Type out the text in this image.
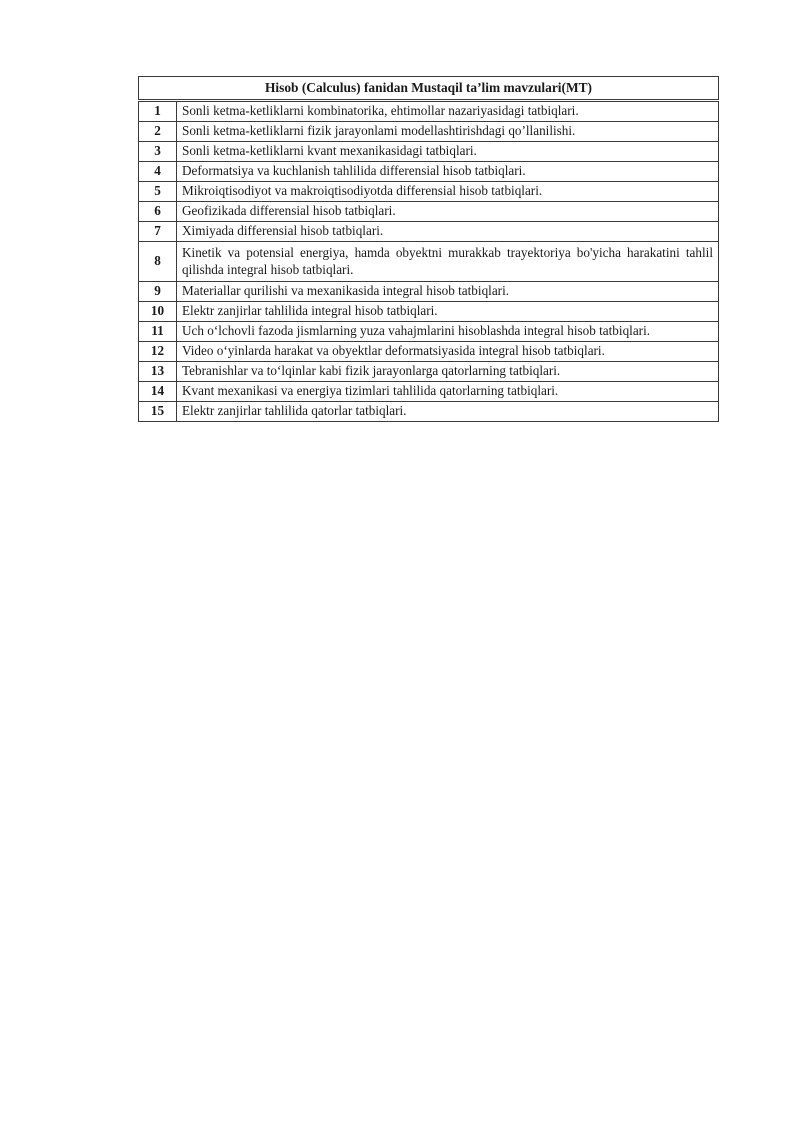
Hisob (Calculus) fanidan Mustaqil ta’lim mavzulari(MT)	
1	Sonli ketma-ketliklarni kombinatorika, ehtimollar nazariyasidagi tatbiqlari.
2	Sonli ketma-ketliklarni fizik jarayonlami modellashtirishdagi qo’llanilishi.
3	Sonli ketma-ketliklarni kvant mexanikasidagi tatbiqlari.
4	Deformatsiya va kuchlanish tahlilida differensial hisob tatbiqlari.
5	Mikroiqtisodiyot va makroiqtisodiyotda differensial hisob tatbiqlari.
6	Geofizikada differensial hisob tatbiqlari.
7	Ximiyada differensial hisob tatbiqlari.
8	Kinetik va potensial energiya, hamda obyektni murakkab trayektoriya bo'yicha harakatini tahlil qilishda integral hisob tatbiqlari.
9	Materiallar qurilishi va mexanikasida integral hisob tatbiqlari.
10	Elektr zanjirlar tahlilida integral hisob tatbiqlari.
11	Uch o‘lchovli fazoda jismlarning yuza vahajmlarini hisoblashda integral hisob tatbiqlari.
12	Video o‘yinlarda harakat va obyektlar deformatsiyasida integral hisob tatbiqlari.
13	Tebranishlar va to‘lqinlar kabi fizik jarayonlarga qatorlarning tatbiqlari.
14	Kvant mexanikasi va energiya tizimlari tahlilida qatorlarning tatbiqlari.
15	Elektr zanjirlar tahlilida qatorlar tatbiqlari.
